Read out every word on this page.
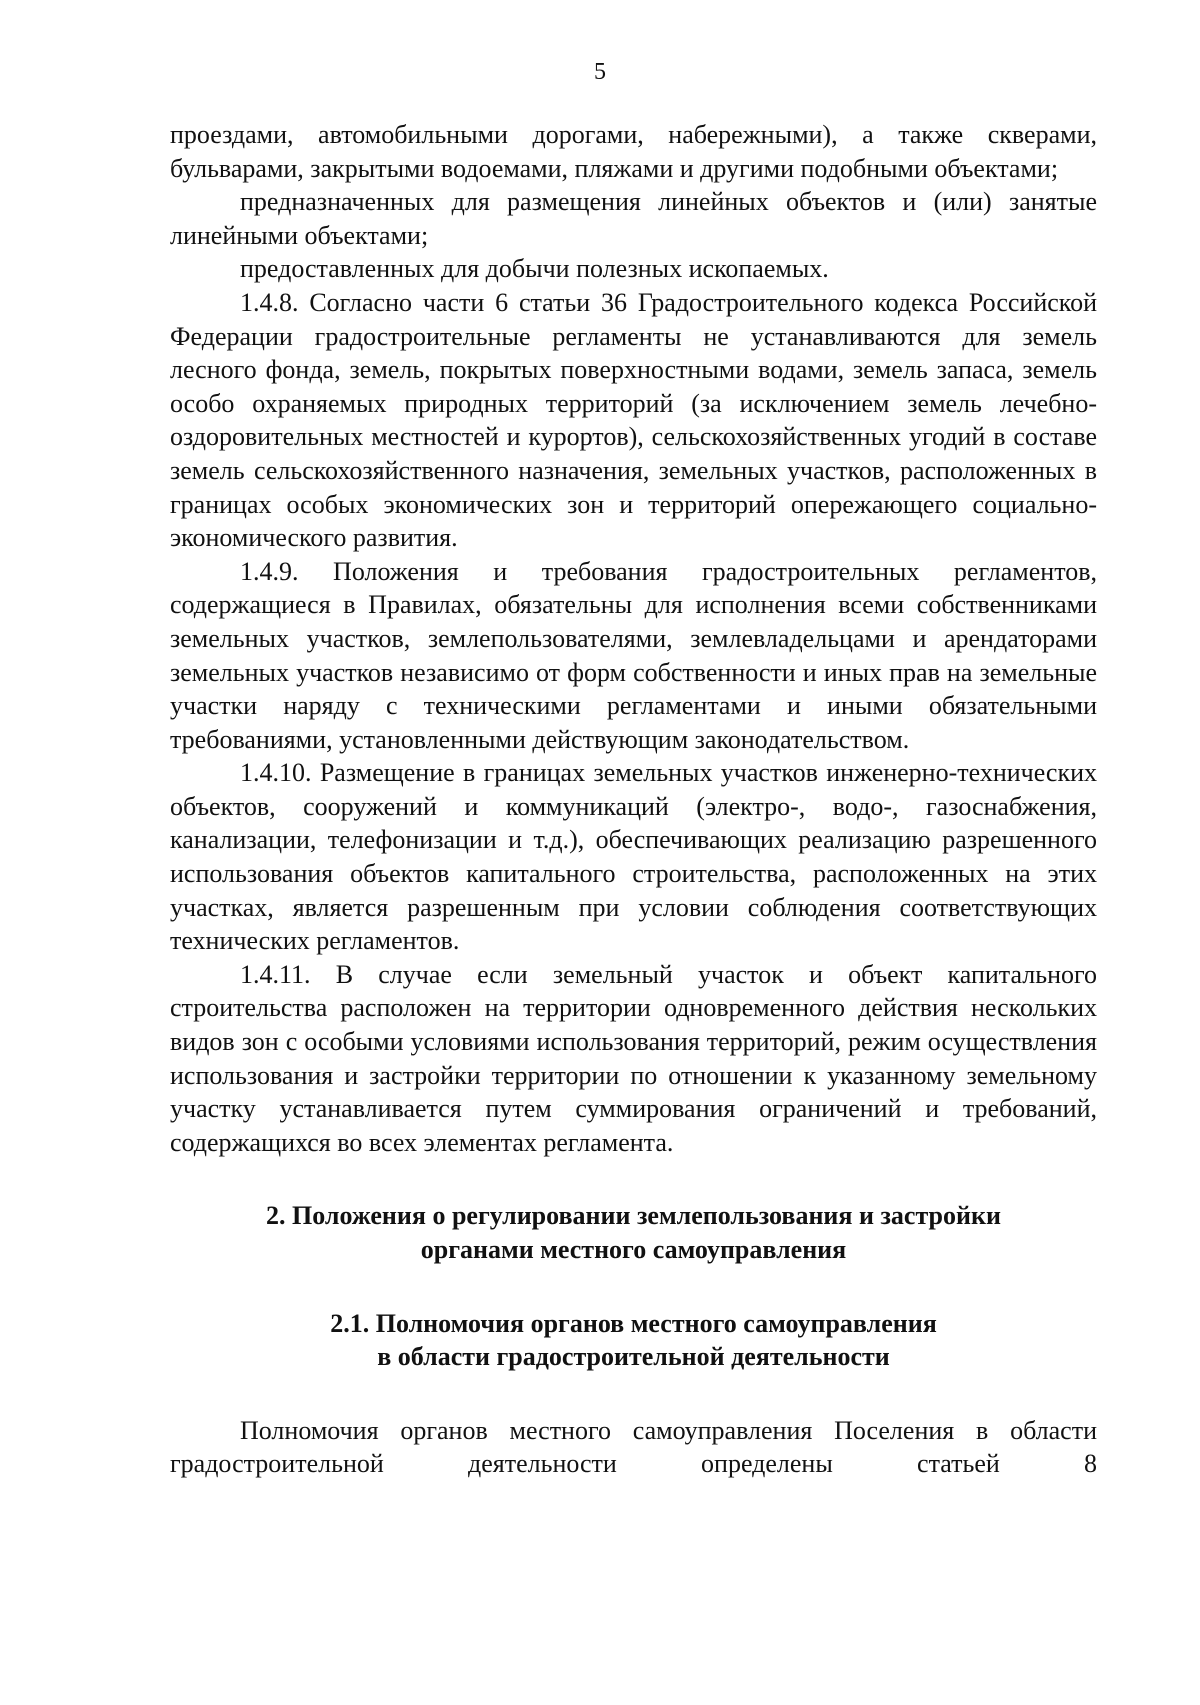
5

проездами, автомобильными дорогами, набережными), а также скверами, бульварами, закрытыми водоемами, пляжами и другими подобными объектами;

предназначенных для размещения линейных объектов и (или) занятые линейными объектами;

предоставленных для добычи полезных ископаемых.

1.4.8. Согласно части 6 статьи 36 Градостроительного кодекса Российской Федерации градостроительные регламенты не устанавливаются для земель лесного фонда, земель, покрытых поверхностными водами, земель запаса, земель особо охраняемых природных территорий (за исключением земель лечебно-оздоровительных местностей и курортов), сельскохозяйственных угодий в составе земель сельскохозяйственного назначения, земельных участков, расположенных в границах особых экономических зон и территорий опережающего социально-экономического развития.

1.4.9. Положения и требования градостроительных регламентов, содержащиеся в Правилах, обязательны для исполнения всеми собственниками земельных участков, землепользователями, землевладельцами и арендаторами земельных участков независимо от форм собственности и иных прав на земельные участки наряду с техническими регламентами и иными обязательными требованиями, установленными действующим законодательством.

1.4.10. Размещение в границах земельных участков инженерно-технических объектов, сооружений и коммуникаций (электро-, водо-, газоснабжения, канализации, телефонизации и т.д.), обеспечивающих реализацию разрешенного использования объектов капитального строительства, расположенных на этих участках, является разрешенным при условии соблюдения соответствующих технических регламентов.

1.4.11. В случае если земельный участок и объект капитального строительства расположен на территории одновременного действия нескольких видов зон с особыми условиями использования территорий, режим осуществления использования и застройки территории по отношении к указанному земельному участку устанавливается путем суммирования ограничений и требований, содержащихся во всех элементах регламента.

2. Положения о регулировании землепользования и застройки
органами местного самоуправления
2.1. Полномочия органов местного самоуправления
в области градостроительной деятельности

Полномочия органов местного самоуправления Поселения в области градостроительной деятельности определены статьей 8
